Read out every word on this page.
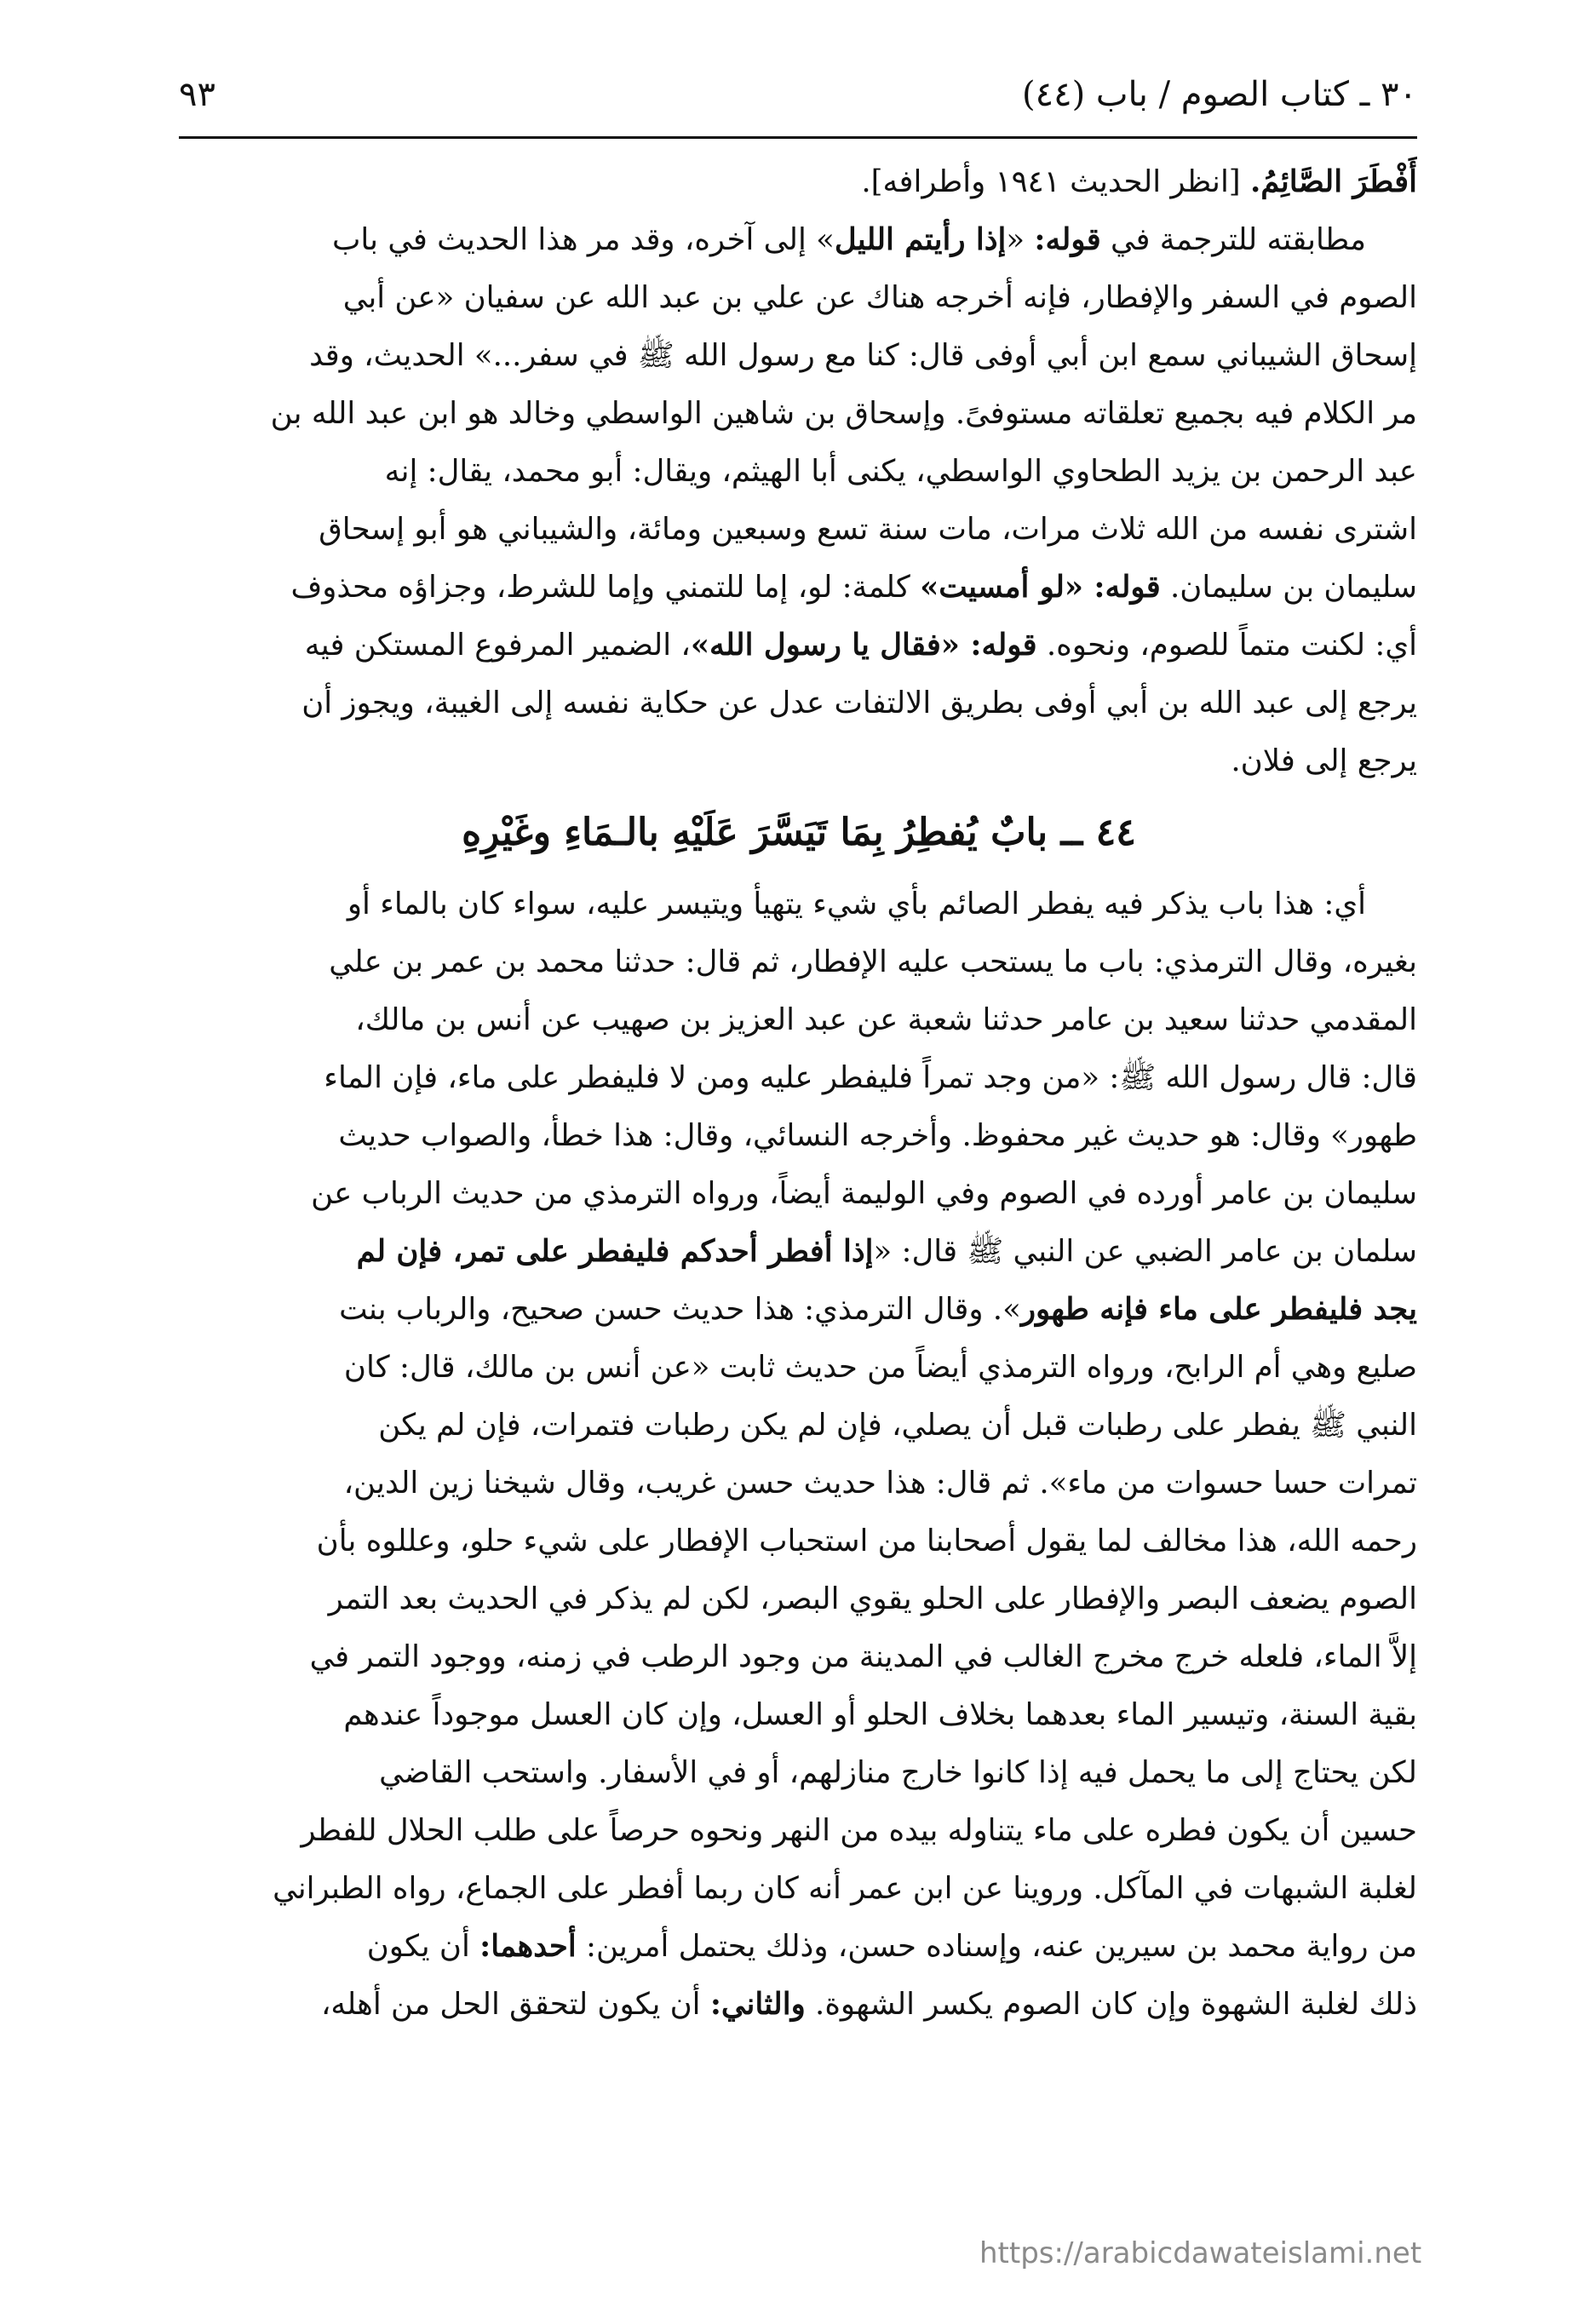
٣٠ ـ كتاب الصوم / باب (٤٤)
٩٣
أَفْطَرَ الصَّائِمُ. [انظر الحديث ١٩٤١ وأطرافه].
مطابقته للترجمة في قوله: «إذا رأيتم الليل» إلى آخره، وقد مر هذا الحديث في باب
الصوم في السفر والإفطار، فإنه أخرجه هناك عن علي بن عبد الله عن سفيان «عن أبي
إسحاق الشيباني سمع ابن أبي أوفى قال: كنا مع رسول الله ﷺ في سفر...» الحديث، وقد
مر الكلام فيه بجميع تعلقاته مستوفىً. وإسحاق بن شاهين الواسطي وخالد هو ابن عبد الله بن
عبد الرحمن بن يزيد الطحاوي الواسطي، يكنى أبا الهيثم، ويقال: أبو محمد، يقال: إنه
اشترى نفسه من الله ثلاث مرات، مات سنة تسع وسبعين ومائة، والشيباني هو أبو إسحاق
سليمان بن سليمان. قوله: «لو أمسيت» كلمة: لو، إما للتمني وإما للشرط، وجزاؤه محذوف
أي: لكنت متماً للصوم، ونحوه. قوله: «فقال يا رسول الله»، الضمير المرفوع المستكن فيه
يرجع إلى عبد الله بن أبي أوفى بطريق الالتفات عدل عن حكاية نفسه إلى الغيبة، ويجوز أن
يرجع إلى فلان.
٤٤ ــ بابٌ يُفطِرُ بِمَا تَيَسَّرَ عَلَيْهِ بالـمَاءِ وغَيْرِهِ
أي: هذا باب يذكر فيه يفطر الصائم بأي شيء يتهيأ ويتيسر عليه، سواء كان بالماء أو
بغيره، وقال الترمذي: باب ما يستحب عليه الإفطار، ثم قال: حدثنا محمد بن عمر بن علي
المقدمي حدثنا سعيد بن عامر حدثنا شعبة عن عبد العزيز بن صهيب عن أنس بن مالك،
قال: قال رسول الله ﷺ: «من وجد تمراً فليفطر عليه ومن لا فليفطر على ماء، فإن الماء
طهور» وقال: هو حديث غير محفوظ. وأخرجه النسائي، وقال: هذا خطأ، والصواب حديث
سليمان بن عامر أورده في الصوم وفي الوليمة أيضاً، ورواه الترمذي من حديث الرباب عن
سلمان بن عامر الضبي عن النبي ﷺ قال: «إذا أفطر أحدكم فليفطر على تمر، فإن لم
يجد فليفطر على ماء فإنه طهور». وقال الترمذي: هذا حديث حسن صحيح، والرباب بنت
صليع وهي أم الرابح، ورواه الترمذي أيضاً من حديث ثابت «عن أنس بن مالك، قال: كان
النبي ﷺ يفطر على رطبات قبل أن يصلي، فإن لم يكن رطبات فتمرات، فإن لم يكن
تمرات حسا حسوات من ماء». ثم قال: هذا حديث حسن غريب، وقال شيخنا زين الدين،
رحمه الله، هذا مخالف لما يقول أصحابنا من استحباب الإفطار على شيء حلو، وعللوه بأن
الصوم يضعف البصر والإفطار على الحلو يقوي البصر، لكن لم يذكر في الحديث بعد التمر
إلاَّ الماء، فلعله خرج مخرج الغالب في المدينة من وجود الرطب في زمنه، ووجود التمر في
بقية السنة، وتيسير الماء بعدهما بخلاف الحلو أو العسل، وإن كان العسل موجوداً عندهم
لكن يحتاج إلى ما يحمل فيه إذا كانوا خارج منازلهم، أو في الأسفار. واستحب القاضي
حسين أن يكون فطره على ماء يتناوله بيده من النهر ونحوه حرصاً على طلب الحلال للفطر
لغلبة الشبهات في المآكل. وروينا عن ابن عمر أنه كان ربما أفطر على الجماع، رواه الطبراني
من رواية محمد بن سيرين عنه، وإسناده حسن، وذلك يحتمل أمرين: أحدهما: أن يكون
ذلك لغلبة الشهوة وإن كان الصوم يكسر الشهوة. والثاني: أن يكون لتحقق الحل من أهله،
https://arabicdawateislami.net
